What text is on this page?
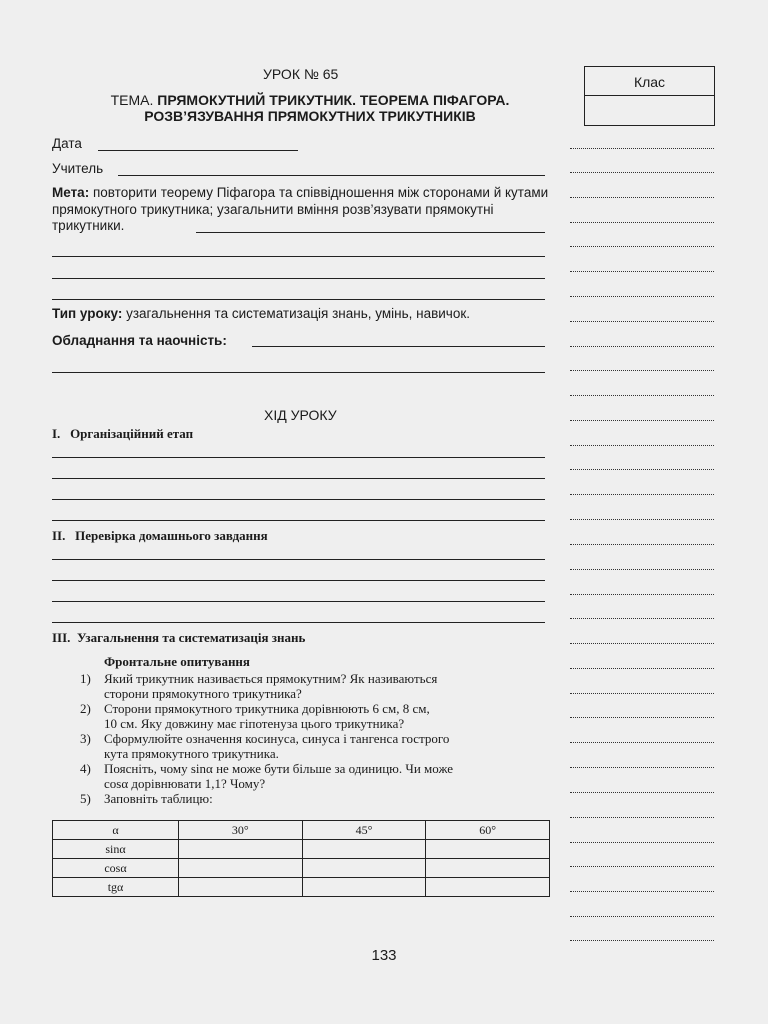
УРОК № 65
ТЕМА. ПРЯМОКУТНИЙ ТРИКУТНИК. ТЕОРЕМА ПІФАГОРА.
РОЗВ’ЯЗУВАННЯ ПРЯМОКУТНИХ ТРИКУТНИКІВ
Клас
Дата
Учитель
Мета: повторити теорему Піфагора та співвідношення між сторонами й кутами прямокутного трикутника; узагальнити вміння розв’язувати прямокутні трикутники.
Тип уроку: узагальнення та систематизація знань, умінь, навичок.
Обладнання та наочність:
ХІД УРОКУ
I. Організаційний етап
II. Перевірка домашнього завдання
III. Узагальнення та систематизація знань
Фронтальне опитування
1)	Який трикутник називається прямокутним? Як називаються
сторони прямокутного трикутника?
2)	Сторони прямокутного трикутника дорівнюють 6 см, 8 см,
10 см. Яку довжину має гіпотенуза цього трикутника?
3)	Сформулюйте означення косинуса, синуса і тангенса гострого
кута прямокутного трикутника.
4)	Поясніть, чому sinα не може бути більше за одиницю. Чи може
cosα дорівнювати 1,1? Чому?
5)	Заповніть таблицю:
α	30°	45°	60°
sinα			
cosα			
tgα			
133
